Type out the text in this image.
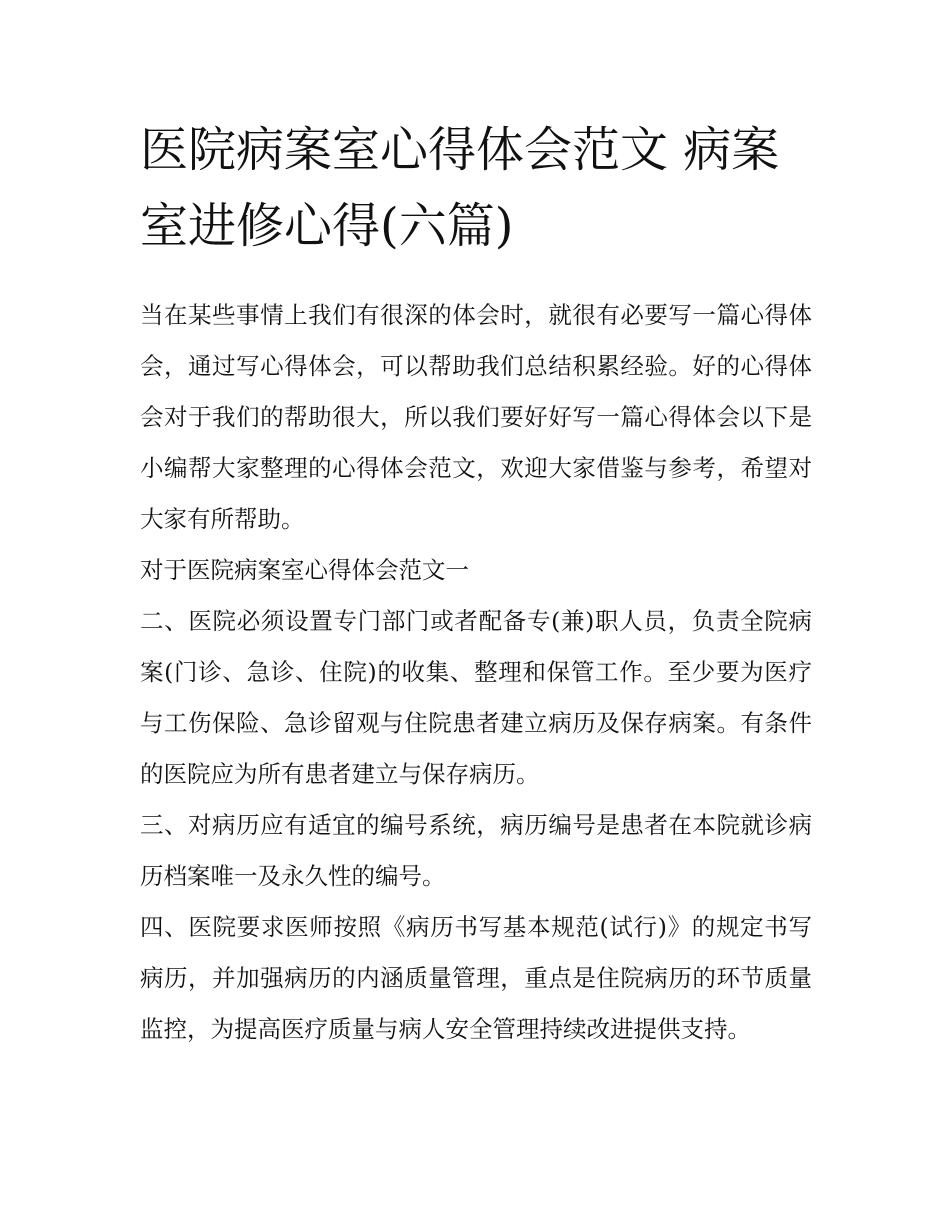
医院病案室心得体会范文 病案室进修心得(六篇)

当在某些事情上我们有很深的体会时，就很有必要写一篇心得体会，通过写心得体会，可以帮助我们总结积累经验。好的心得体会对于我们的帮助很大，所以我们要好好写一篇心得体会以下是小编帮大家整理的心得体会范文，欢迎大家借鉴与参考，希望对大家有所帮助。

对于医院病案室心得体会范文一

二、医院必须设置专门部门或者配备专(兼)职人员，负责全院病案(门诊、急诊、住院)的收集、整理和保管工作。至少要为医疗与工伤保险、急诊留观与住院患者建立病历及保存病案。有条件的医院应为所有患者建立与保存病历。

三、对病历应有适宜的编号系统，病历编号是患者在本院就诊病历档案唯一及永久性的编号。

四、医院要求医师按照《病历书写基本规范(试行)》的规定书写病历，并加强病历的内涵质量管理，重点是住院病历的环节质量监控，为提高医疗质量与病人安全管理持续改进提供支持。
